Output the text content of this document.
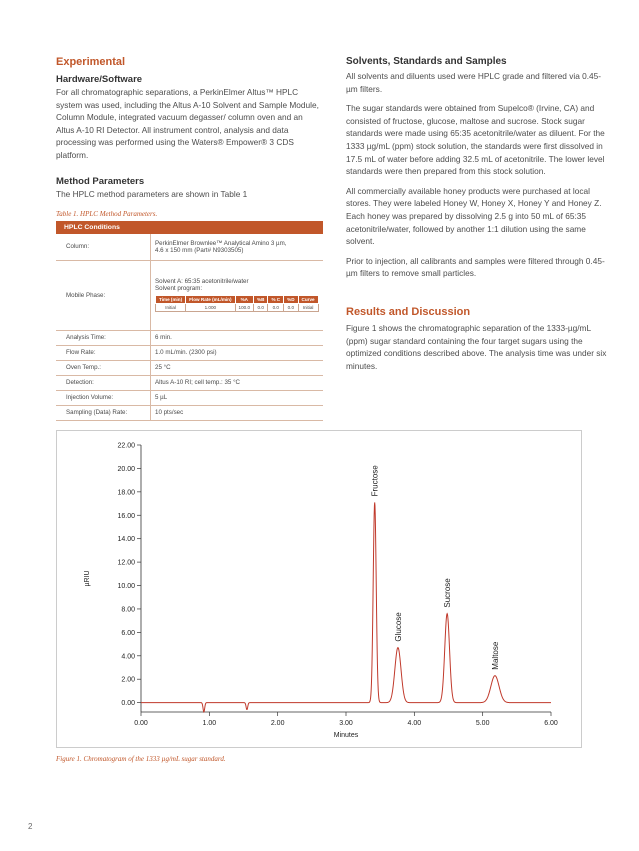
Experimental
Hardware/Software
For all chromatographic separations, a PerkinElmer Altus™ HPLC system was used, including the Altus A-10 Solvent and Sample Module, Column Module, integrated vacuum degasser/ column oven and an Altus A-10 RI Detector. All instrument control, analysis and data processing was performed using the Waters® Empower® 3 CDS platform.
Method Parameters
The HPLC method parameters are shown in Table 1
Table 1. HPLC Method Parameters.
HPLC Conditions
Column:	PerkinElmer Brownlee™ Analytical Amino 3 µm,
4.6 x 150 mm (Part# N9303505)

Mobile Phase:	
Solvent A: 65:35 acetonitrile/water
Solvent program:
Time (min)	Flow Rate (mL/min)	%A	%B	% C	%D	Curve
Initial	1.000	100.0	0.0	0.0	0.0	Initial

Analysis Time:	6 min.
Flow Rate:	1.0 mL/min. (2300 psi)
Oven Temp.:	25 °C
Detection:	Altus A-10 RI; cell temp.: 35 °C
Injection Volume:	5 µL
Sampling (Data) Rate:	10 pts/sec
Solvents, Standards and Samples

All solvents and diluents used were HPLC grade and filtered via 0.45-µm filters.

The sugar standards were obtained from Supelco® (Irvine, CA) and consisted of fructose, glucose, maltose and sucrose. Stock sugar standards were made using 65:35 acetonitrile/water as diluent. For the 1333 µg/mL (ppm) stock solution, the standards were first dissolved in 17.5 mL of water before adding 32.5 mL of acetonitrile. The lower level standards were then prepared from this stock solution.

All commercially available honey products were purchased at local stores. They were labeled Honey W, Honey X, Honey Y and Honey Z. Each honey was prepared by dissolving 2.5 g into 50 mL of 65:35 acetonitrile/water, followed by another 1:1 dilution using the same solvent.

Prior to injection, all calibrants and samples were filtered through 0.45-µm filters to remove small particles.

Results and Discussion
Figure 1 shows the chromatographic separation of the 1333-µg/mL (ppm) sugar standard containing the four target sugars using the optimized conditions described above. The analysis time was under six minutes.
0.00
2.00
4.00
6.00
8.00
10.00
12.00
14.00
16.00
18.00
20.00
22.00
0.00	1.00	2.00	3.00	4.00	5.00	6.00
Minutes
µRIU
Fructose
Glucose
Sucrose
Maltose
Figure 1. Chromatogram of the 1333 µg/mL sugar standard.
2
